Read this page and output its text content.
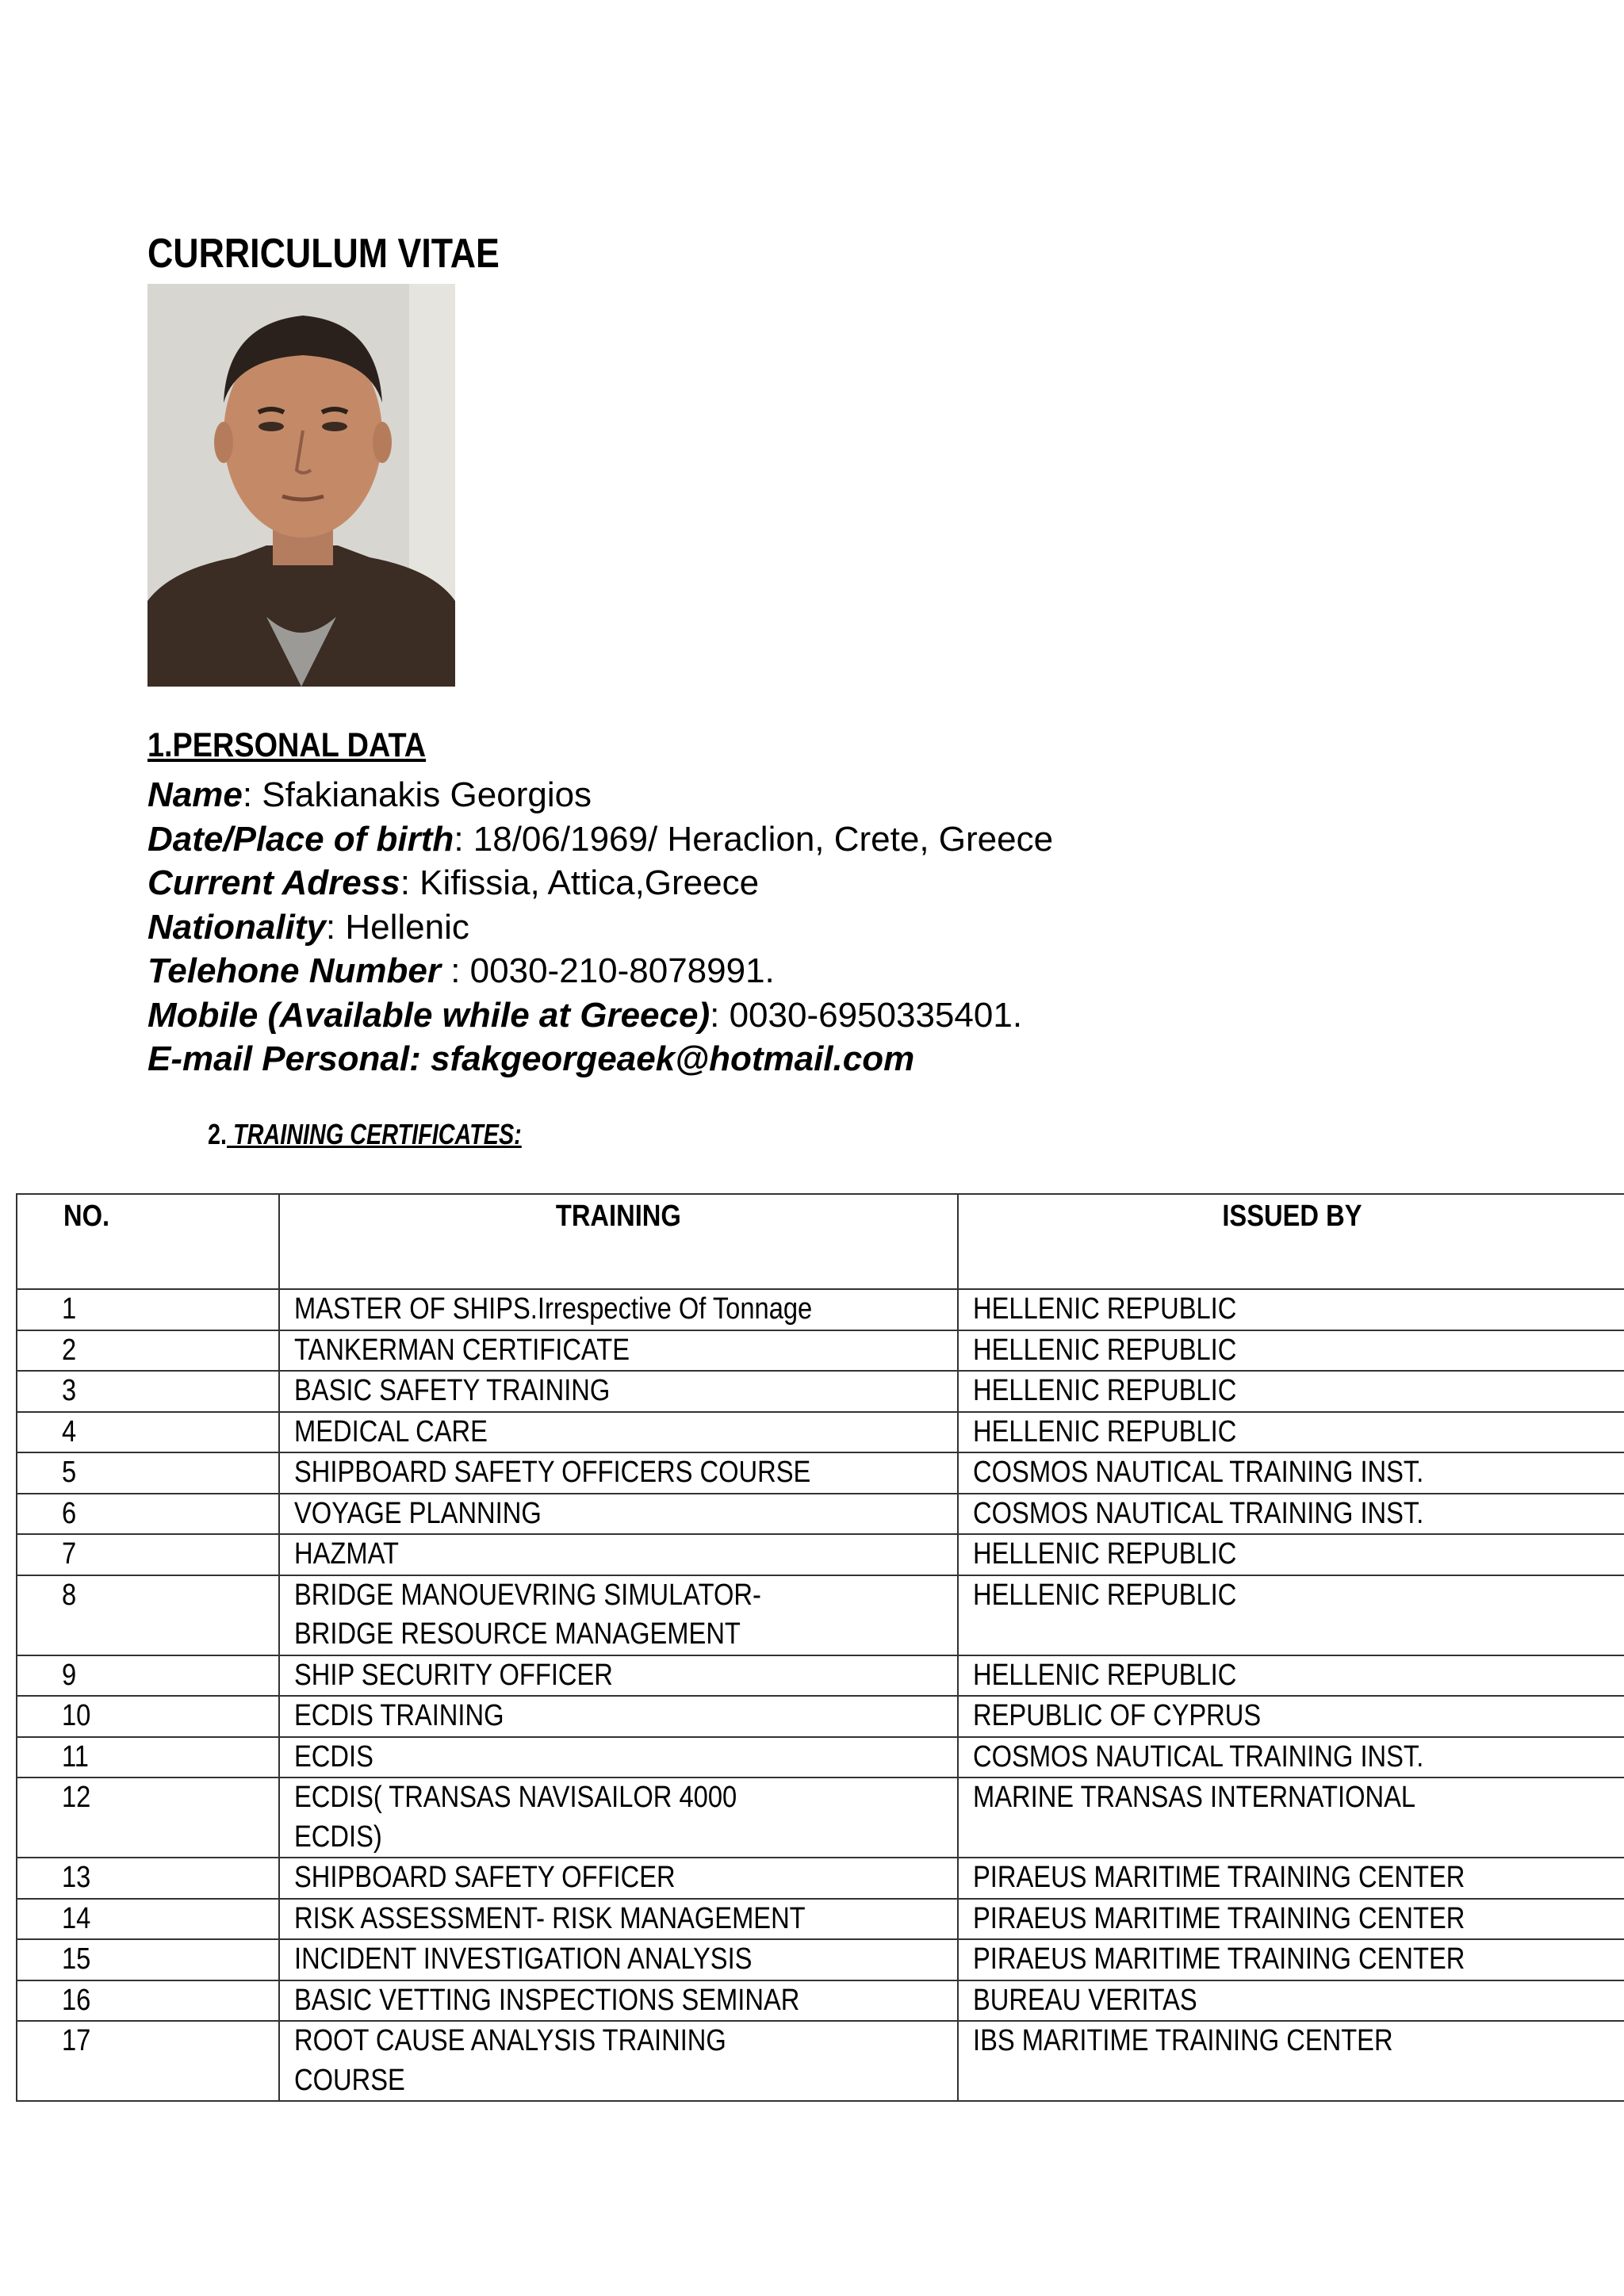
CURRICULUM VITAE
1.PERSONAL DATA
Name: Sfakianakis Georgios
Date/Place of birth: 18/06/1969/ Heraclion, Crete, Greece
Current Adress: Kifissia, Attica,Greece
Nationality: Hellenic
Telehone Number : 0030-210-8078991.
Mobile (Available while at Greece): 0030-6950335401.
E-mail Personal: sfakgeorgeaek@hotmail.com
2. TRAINING CERTIFICATES:
NO.	TRAINING	ISSUED BY
1	MASTER OF SHIPS.Irrespective Of Tonnage	HELLENIC REPUBLIC
2	TANKERMAN CERTIFICATE	HELLENIC REPUBLIC
3	BASIC SAFETY TRAINING	HELLENIC REPUBLIC
4	MEDICAL CARE	HELLENIC REPUBLIC
5	SHIPBOARD SAFETY OFFICERS COURSE	COSMOS NAUTICAL TRAINING INST.
6	VOYAGE PLANNING	COSMOS NAUTICAL TRAINING INST.
7	HAZMAT	HELLENIC REPUBLIC
8	BRIDGE MANOUEVRING SIMULATOR-
BRIDGE RESOURCE MANAGEMENT	HELLENIC REPUBLIC
9	SHIP SECURITY OFFICER	HELLENIC REPUBLIC
10	ECDIS TRAINING	REPUBLIC OF CYPRUS
11	ECDIS	COSMOS NAUTICAL TRAINING INST.
12	ECDIS( TRANSAS NAVISAILOR 4000
ECDIS)	MARINE TRANSAS INTERNATIONAL
13	SHIPBOARD SAFETY OFFICER	PIRAEUS MARITIME TRAINING CENTER
14	RISK ASSESSMENT- RISK MANAGEMENT	PIRAEUS MARITIME TRAINING CENTER
15	INCIDENT INVESTIGATION ANALYSIS	PIRAEUS MARITIME TRAINING CENTER
16	BASIC VETTING INSPECTIONS SEMINAR	BUREAU VERITAS
17	ROOT CAUSE ANALYSIS TRAINING
COURSE	IBS MARITIME TRAINING CENTER
